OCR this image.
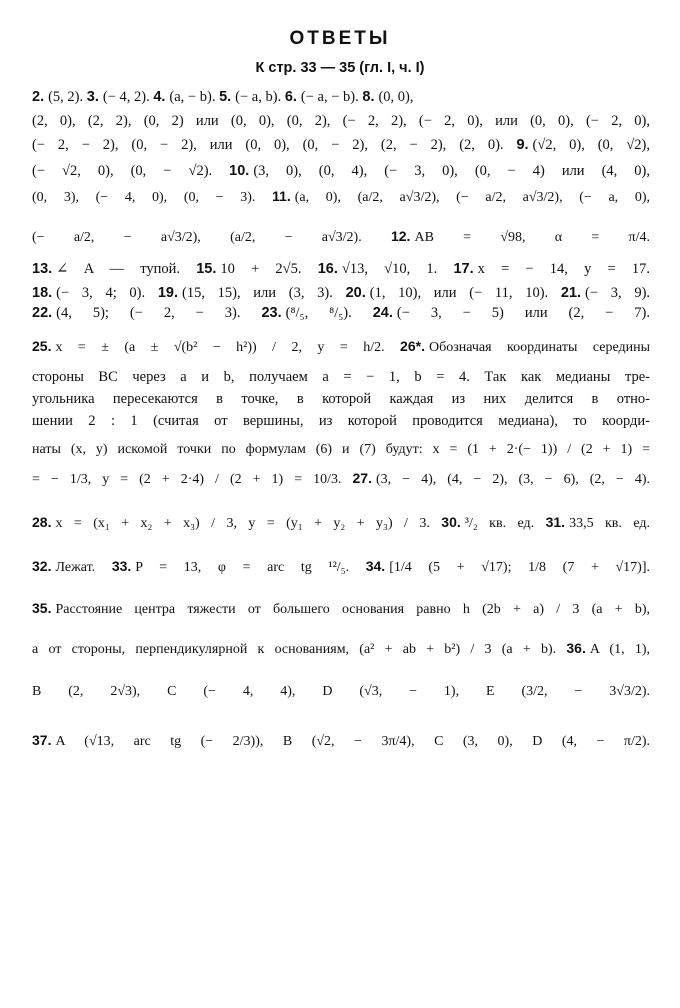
ОТВЕТЫ
К стр. 33 — 35 (гл. I, ч. I)
2. (5, 2). 3. (− 4, 2). 4. (a, − b). 5. (− a, b). 6. (− a, − b). 8. (0, 0),
(2, 0), (2, 2), (0, 2) или (0, 0), (0, 2), (− 2, 2), (− 2, 0), или (0, 0), (− 2, 0),
(− 2, − 2), (0, − 2), или (0, 0), (0, − 2), (2, − 2), (2, 0). 9. (√2, 0), (0, √2),
(− √2, 0), (0, − √2). 10. (3, 0), (0, 4), (− 3, 0), (0, − 4) или (4, 0),
(0, 3), (− 4, 0), (0, − 3). 11. (a, 0), (a/2, a√3/2), (− a/2, a√3/2), (− a, 0),
(− a/2, − a√3/2), (a/2, − a√3/2). 12. AB = √98, α = π/4.
13. ∠ A — тупой. 15. 10 + 2√5. 16. √13, √10, 1. 17. x = − 14, y = 17.
18. (− 3, 4; 0). 19. (15, 15), или (3, 3). 20. (1, 10), или (− 11, 10). 21. (− 3, 9).
22. (4, 5); (− 2, − 3). 23. (⁸/₅, ⁸/₅). 24. (− 3, − 5) или (2, − 7).
25. x = ± (a ± √(b² − h²)) / 2, y = h/2. 26*. Обозначая координаты середины
стороны BC через a и b, получаем a = − 1, b = 4. Так как медианы тре-
угольника пересекаются в точке, в которой каждая из них делится в отно-
шении 2 : 1 (считая от вершины, из которой проводится медиана), то коорди-
наты (x, y) искомой точки по формулам (6) и (7) будут: x = (1 + 2·(− 1)) / (2 + 1) =
= − 1/3, y = (2 + 2·4) / (2 + 1) = 10/3. 27. (3, − 4), (4, − 2), (3, − 6), (2, − 4).
28. x = (x₁ + x₂ + x₃) / 3, y = (y₁ + y₂ + y₃) / 3. 30. ³/₂ кв. ед. 31. 33,5 кв. ед.
32. Лежат. 33. P = 13, φ = arc tg ¹²/₅. 34. [1/4 (5 + √17); 1/8 (7 + √17)].
35. Расстояние центра тяжести от большего основания равно h (2b + a) / 3 (a + b),
а от стороны, перпендикулярной к основаниям, (a² + ab + b²) / 3 (a + b). 36. A (1, 1),
B (2, 2√3), C (− 4, 4), D (√3, − 1), E (3/2, − 3√3/2).
37. A (√13, arc tg (− 2/3)), B (√2, − 3π/4), C (3, 0), D (4, − π/2).
